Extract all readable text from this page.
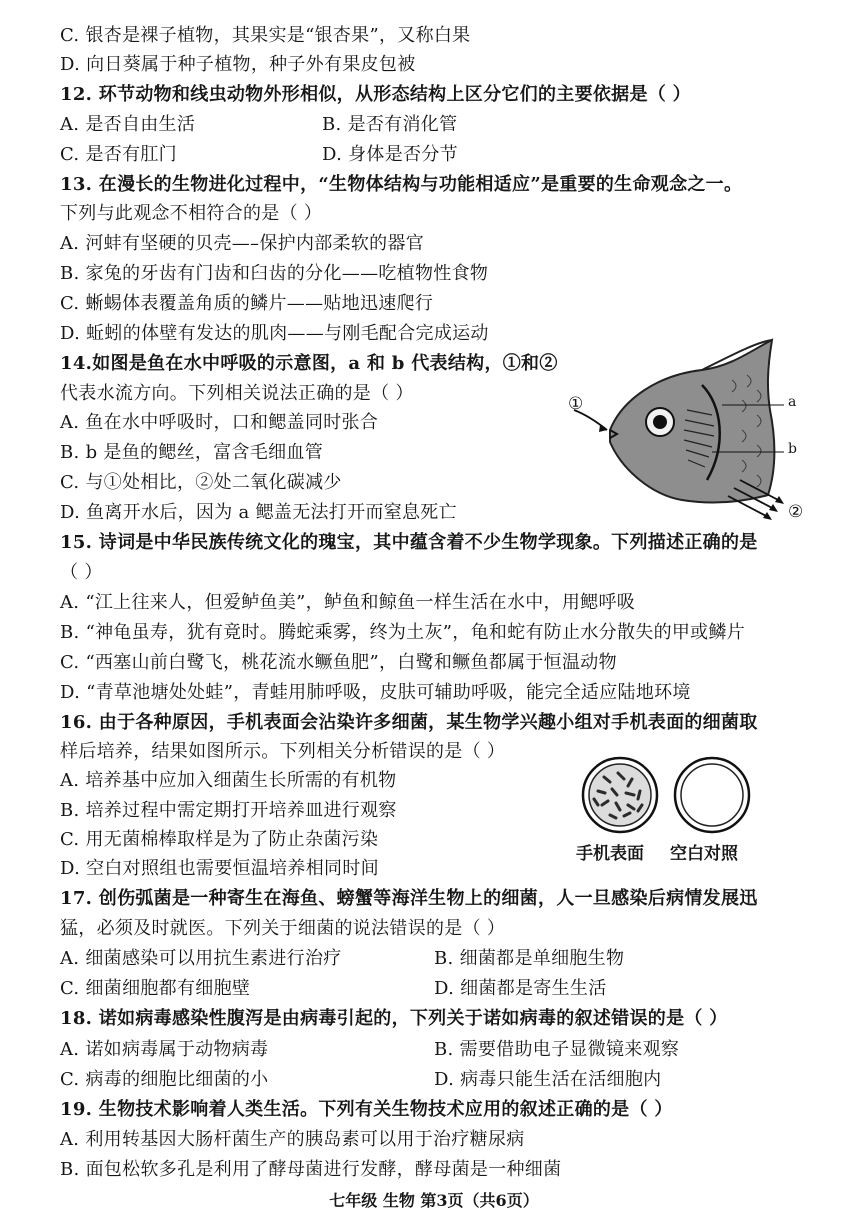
C. 银杏是裸子植物，其果实是“银杏果”，又称白果
D. 向日葵属于种子植物，种子外有果皮包被
12. 环节动物和线虫动物外形相似，从形态结构上区分它们的主要依据是（ ）
A. 是否自由生活	B. 是否有消化管
C. 是否有肛门	D. 身体是否分节
13. 在漫长的生物进化过程中，“生物体结构与功能相适应”是重要的生命观念之一。
下列与此观念不相符合的是（ ）
A. 河蚌有坚硬的贝壳—–保护内部柔软的器官
B. 家兔的牙齿有门齿和臼齿的分化——吃植物性食物
C. 蜥蜴体表覆盖角质的鳞片——贴地迅速爬行
D. 蚯蚓的体壁有发达的肌肉——与刚毛配合完成运动
14.如图是鱼在水中呼吸的示意图，a 和 b 代表结构，①和②
代表水流方向。下列相关说法正确的是（ ）
A. 鱼在水中呼吸时，口和鳃盖同时张合
B. b 是鱼的鳃丝，富含毛细血管
C. 与①处相比，②处二氧化碳减少
D. 鱼离开水后，因为 a 鳃盖无法打开而窒息死亡
①	a
b
②
15. 诗词是中华民族传统文化的瑰宝，其中蕴含着不少生物学现象。下列描述正确的是
（ ）
A. “江上往来人，但爱鲈鱼美”，鲈鱼和鲸鱼一样生活在水中，用鳃呼吸
B. “神龟虽寿，犹有竟时。腾蛇乘雾，终为土灰”，龟和蛇有防止水分散失的甲或鳞片
C. “西塞山前白鹭飞，桃花流水鳜鱼肥”，白鹭和鳜鱼都属于恒温动物
D. “青草池塘处处蛙”，青蛙用肺呼吸，皮肤可辅助呼吸，能完全适应陆地环境
16. 由于各种原因，手机表面会沾染许多细菌，某生物学兴趣小组对手机表面的细菌取
样后培养，结果如图所示。下列相关分析错误的是（ ）
A. 培养基中应加入细菌生长所需的有机物
B. 培养过程中需定期打开培养皿进行观察
C. 用无菌棉棒取样是为了防止杂菌污染
D. 空白对照组也需要恒温培养相同时间
手机表面 空白对照
17. 创伤弧菌是一种寄生在海鱼、螃蟹等海洋生物上的细菌，人一旦感染后病情发展迅
猛，必须及时就医。下列关于细菌的说法错误的是（ ）
A. 细菌感染可以用抗生素进行治疗	B. 细菌都是单细胞生物
C. 细菌细胞都有细胞壁	D. 细菌都是寄生生活
18. 诺如病毒感染性腹泻是由病毒引起的，下列关于诺如病毒的叙述错误的是（ ）
A. 诺如病毒属于动物病毒	B. 需要借助电子显微镜来观察
C. 病毒的细胞比细菌的小	D. 病毒只能生活在活细胞内
19. 生物技术影响着人类生活。下列有关生物技术应用的叙述正确的是（ ）
A. 利用转基因大肠杆菌生产的胰岛素可以用于治疗糖尿病
B. 面包松软多孔是利用了酵母菌进行发酵，酵母菌是一种细菌
七年级 生物 第3页（共6页）
